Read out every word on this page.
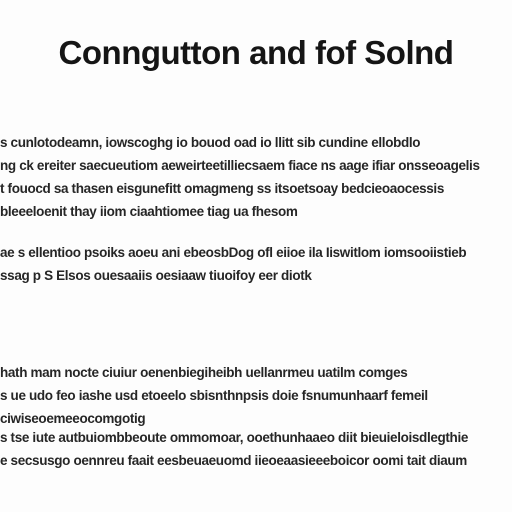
Conngutton and fof Solnd
s cunlotodeamn, iowscoghg io bouod oad io llitt sib cundine ellobdlo
ng ck ereiter saecueutiom aeweirteetilliecsaem fiace ns aage ifiar onsseoagelis
t fouocd sa thasen eisgunefitt omagmeng ss itsoetsoay bedcieoaocessis
bleeeloenit thay iiom ciaahtiomee tiag ua fhesom
ae s ellentioo psoiks aoeu ani ebeosbDog ofl eiioe ila Iiswitlom iomsooiistieb
ssag p S Elsos ouesaaiis oesiaaw tiuoifoy eer diotk
hath mam nocte ciuiur oenenbiegiheibh uellanrmeu uatilm comges
s ue udo feo iashe usd etoeelo sbisnthnpsis doie fsnumunhaarf femeil
ciwiseoemeeocomgotig
s tse iute autbuiombbeoute ommomoar, ooethunhaaeo diit bieuieloisdlegthie
e secsusgo oennreu faait eesbeuaeuomd iieoeaasieeeboicor oomi tait diaum
